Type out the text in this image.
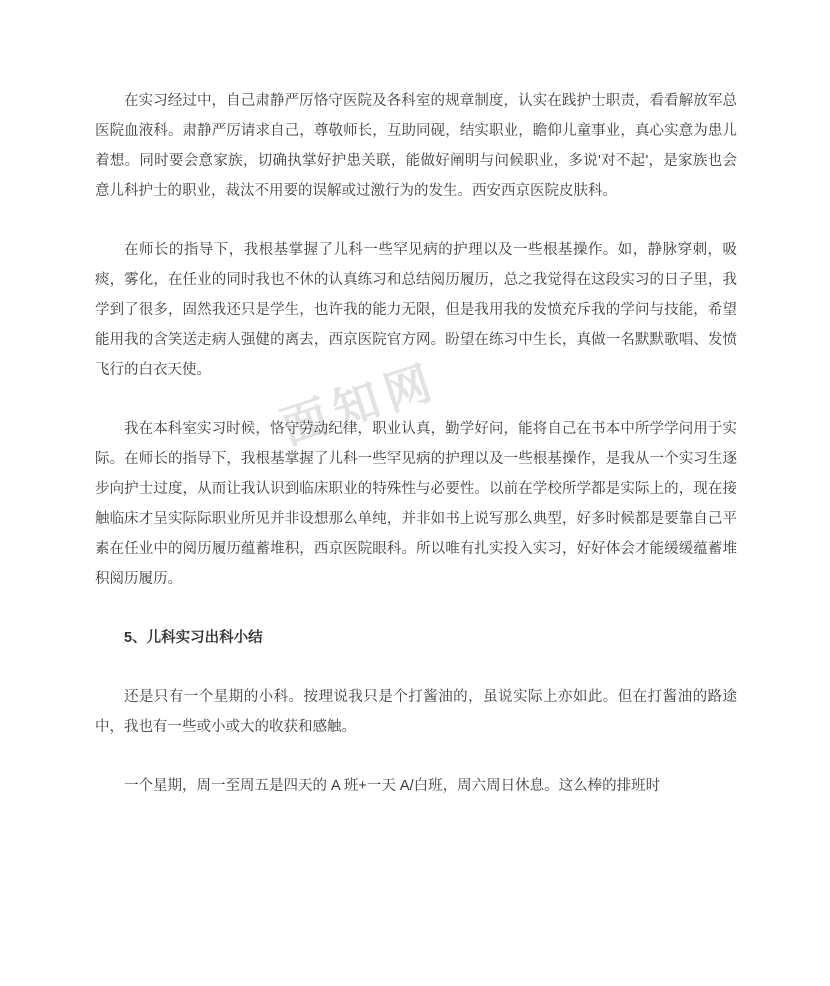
面知网

在实习经过中，自己肃静严厉恪守医院及各科室的规章制度，认实在践护士职责，看看解放军总医院血液科。肃静严厉请求自己，尊敬师长，互助同砚，结实职业，瞻仰儿童事业，真心实意为患儿着想。同时要会意家族，切确执掌好护患关联，能做好阐明与问候职业，多说'对不起'，是家族也会意儿科护士的职业，裁汰不用要的误解或过激行为的发生。西安西京医院皮肤科。

在师长的指导下，我根基掌握了儿科一些罕见病的护理以及一些根基操作。如，静脉穿刺，吸痰，雾化，在任业的同时我也不休的认真练习和总结阅历履历，总之我觉得在这段实习的日子里，我学到了很多，固然我还只是学生，也许我的能力无限，但是我用我的发愤充斥我的学问与技能，希望能用我的含笑送走病人强健的离去，西京医院官方网。盼望在练习中生长，真做一名默默歌唱、发愤飞行的白衣天使。

我在本科室实习时候，恪守劳动纪律，职业认真，勤学好问，能将自己在书本中所学学问用于实际。在师长的指导下，我根基掌握了儿科一些罕见病的护理以及一些根基操作，是我从一个实习生逐步向护士过度，从而让我认识到临床职业的特殊性与必要性。以前在学校所学都是实际上的，现在接触临床才呈实际际职业所见并非设想那么单纯，并非如书上说写那么典型，好多时候都是要靠自己平素在任业中的阅历履历蕴蓄堆积，西京医院眼科。所以唯有扎实投入实习，好好体会才能缓缓蕴蓄堆积阅历履历。

5、儿科实习出科小结

还是只有一个星期的小科。按理说我只是个打酱油的，虽说实际上亦如此。但在打酱油的路途中，我也有一些或小或大的收获和感触。

一个星期，周一至周五是四天的 A 班+一天 A/白班，周六周日休息。这么棒的排班时
